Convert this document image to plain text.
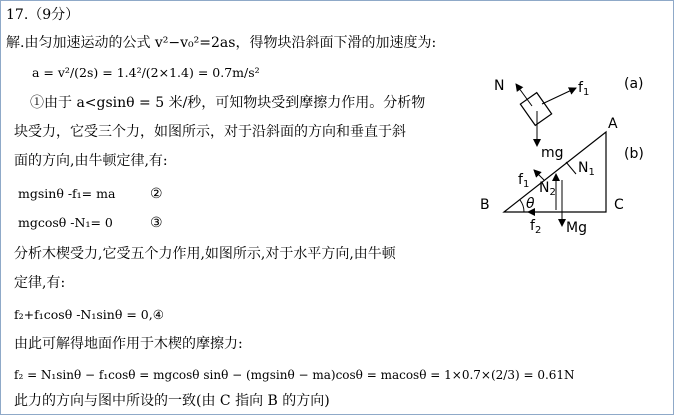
17.（9分）
解.由匀加速运动的公式 v²−v₀²=2as，得物块沿斜面下滑的加速度为:
a = v²/(2s) = 1.4²/(2×1.4) = 0.7m/s²
①由于 a<gsinθ = 5 米/秒，可知物块受到摩擦力作用。分析物
块受力，它受三个力，如图所示，对于沿斜面的方向和垂直于斜
面的方向,由牛顿定律,有:
mgsinθ -f₁= ma ②
mgcosθ -N₁= 0	③
分析木楔受力,它受五个力作用,如图所示,对于水平方向,由牛顿
定律,有:
f₂+f₁cosθ -N₁sinθ = 0,④
由此可解得地面作用于木楔的摩擦力:
f₂ = N₁sinθ − f₁cosθ = mgcosθ sinθ − (mgsinθ − ma)cosθ = macosθ = 1×0.7×(2/3) = 0.61N
此力的方向与图中所设的一致(由 C 指向 B 的方向)
N	$f_1$
(a)
mg
A
(b)
$N_1$
$f_1$ $N_2$
B	θ	C
$f_2$ Mg
